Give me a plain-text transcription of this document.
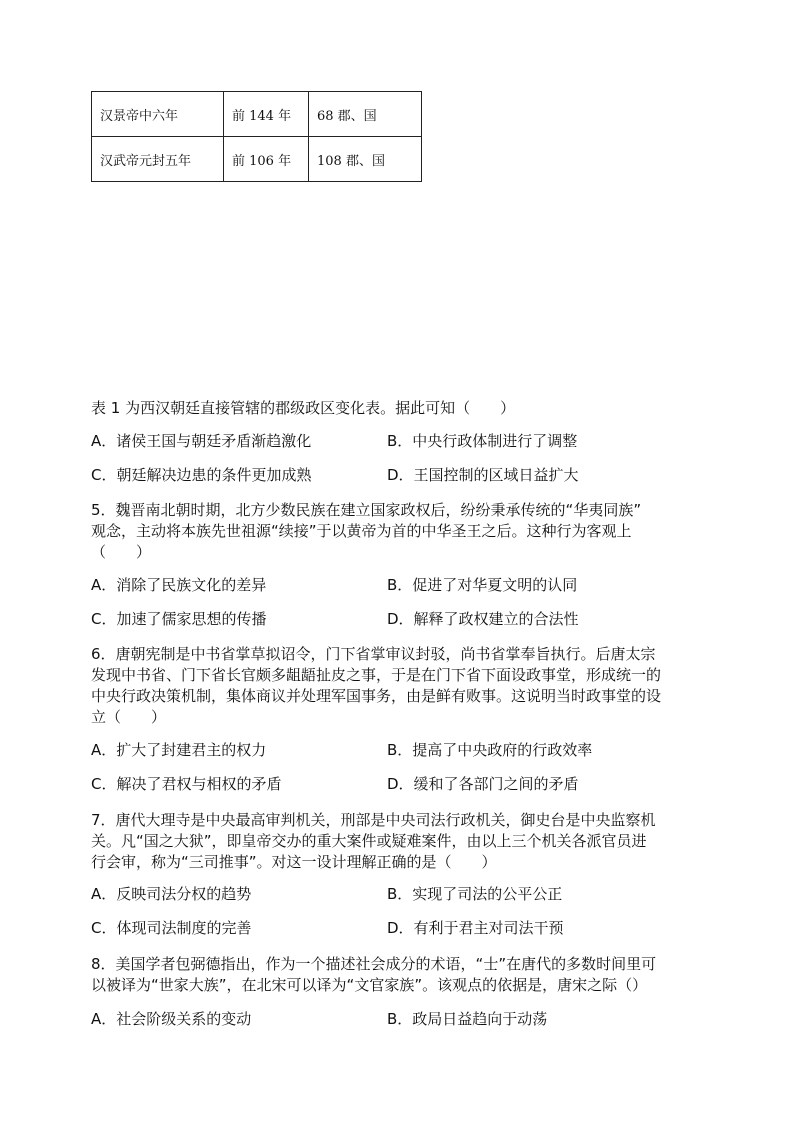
汉景帝中六年	前 144 年	68 郡、国
汉武帝元封五年	前 106 年	108 郡、国
表 1 为西汉朝廷直接管辖的郡级政区变化表。据此可知（　　）
A．诸侯王国与朝廷矛盾渐趋激化	B．中央行政体制进行了调整
C．朝廷解决边患的条件更加成熟	D．王国控制的区域日益扩大
5．魏晋南北朝时期，北方少数民族在建立国家政权后，纷纷秉承传统的“华夷同族”
观念，主动将本族先世祖源“续接”于以黄帝为首的中华圣王之后。这种行为客观上
（　　）
A．消除了民族文化的差异	B．促进了对华夏文明的认同
C．加速了儒家思想的传播	D．解释了政权建立的合法性
6．唐朝宪制是中书省掌草拟诏令，门下省掌审议封驳，尚书省掌奉旨执行。后唐太宗
发现中书省、门下省长官颇多龃龉扯皮之事，于是在门下省下面设政事堂，形成统一的
中央行政决策机制，集体商议并处理军国事务，由是鲜有败事。这说明当时政事堂的设
立（　　）
A．扩大了封建君主的权力	B．提高了中央政府的行政效率
C．解决了君权与相权的矛盾	D．缓和了各部门之间的矛盾
7．唐代大理寺是中央最高审判机关，刑部是中央司法行政机关，御史台是中央监察机
关。凡“国之大狱”，即皇帝交办的重大案件或疑难案件，由以上三个机关各派官员进
行会审，称为“三司推事”。对这一设计理解正确的是（　　）
A．反映司法分权的趋势	B．实现了司法的公平公正
C．体现司法制度的完善	D．有利于君主对司法干预
8．美国学者包弼德指出，作为一个描述社会成分的术语，“士”在唐代的多数时间里可
以被译为“世家大族”，在北宋可以译为“文官家族”。该观点的依据是，唐宋之际（）
A．社会阶级关系的变动	B．政局日益趋向于动荡
